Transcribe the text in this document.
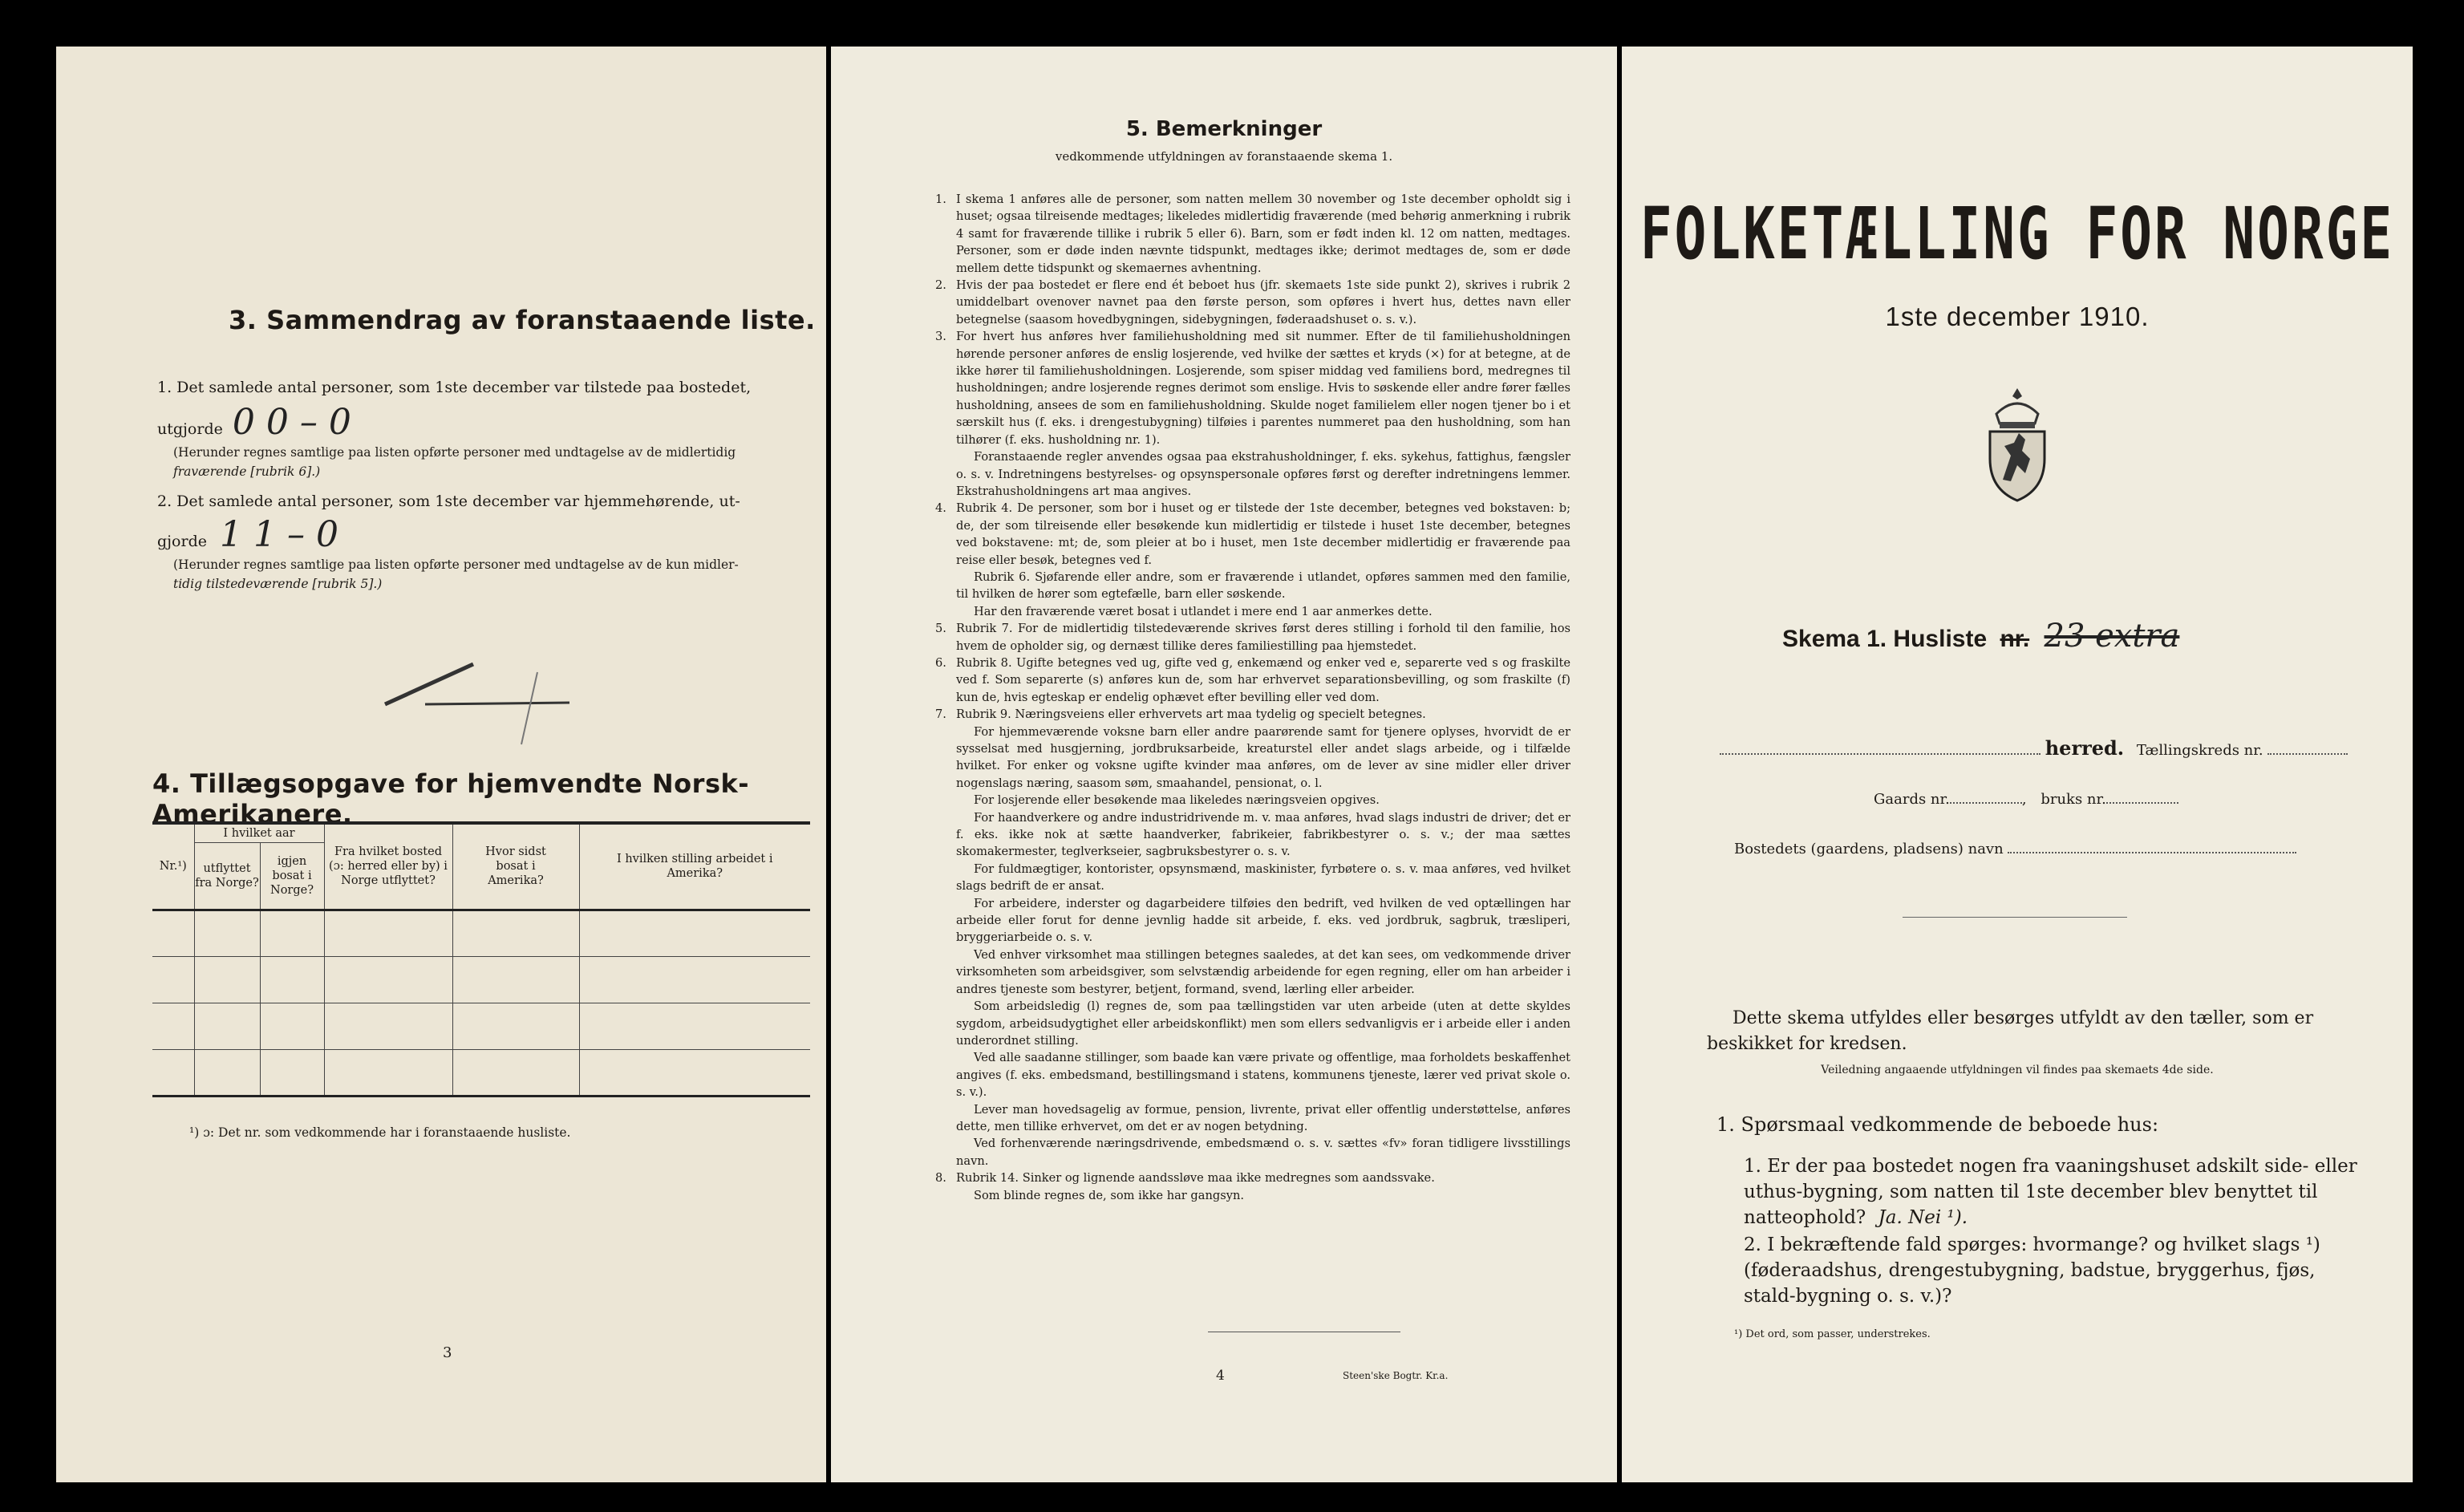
3. Sammendrag av foranstaaende liste.
1. Det samlede antal personer, som 1ste december var tilstede paa bostedet,
utgjorde 0 0 – 0
(Herunder regnes samtlige paa listen opførte personer med undtagelse av de midlertidig
fraværende [rubrik 6].)
2. Det samlede antal personer, som 1ste december var hjemmehørende, ut-
gjorde 1 1 – 0
(Herunder regnes samtlige paa listen opførte personer med undtagelse av de kun midler-
tidig tilstedeværende [rubrik 5].)
4. Tillægsopgave for hjemvendte Norsk-Amerikanere.
Nr.¹)	I hvilket aar		Fra hvilket bosted (ɔ: herred eller by) i Norge utflyttet?	Hvor sidst bosat i Amerika?	I hvilken stilling arbeidet i Amerika?
	utflyttet fra Norge?	igjen bosat i Norge?			

¹) ɔ: Det nr. som vedkommende har i foranstaaende husliste.
3
5. Bemerkninger
vedkommende utfyldningen av foranstaaende skema 1.

1. I skema 1 anføres alle de personer, som natten mellem 30 november og 1ste december opholdt sig i huset; ogsaa tilreisende medtages; likeledes midlertidig fraværende (med behørig anmerkning i rubrik 4 samt for fraværende tillike i rubrik 5 eller 6). Barn, som er født inden kl. 12 om natten, medtages. Personer, som er døde inden nævnte tidspunkt, medtages ikke; derimot medtages de, som er døde mellem dette tidspunkt og skemaernes avhentning.

2. Hvis der paa bostedet er flere end ét beboet hus (jfr. skemaets 1ste side punkt 2), skrives i rubrik 2 umiddelbart ovenover navnet paa den første person, som opføres i hvert hus, dettes navn eller betegnelse (saasom hovedbygningen, sidebygningen, føderaadshuset o. s. v.).

3. For hvert hus anføres hver familiehusholdning med sit nummer. Efter de til familiehusholdningen hørende personer anføres de enslig losjerende, ved hvilke der sættes et kryds (×) for at betegne, at de ikke hører til familiehusholdningen. Losjerende, som spiser middag ved familiens bord, medregnes til husholdningen; andre losjerende regnes derimot som enslige. Hvis to søskende eller andre fører fælles husholdning, ansees de som en familiehusholdning. Skulde noget familielem eller nogen tjener bo i et særskilt hus (f. eks. i drengestubygning) tilføies i parentes nummeret paa den husholdning, som han tilhører (f. eks. husholdning nr. 1).

Foranstaaende regler anvendes ogsaa paa ekstrahusholdninger, f. eks. sykehus, fattighus, fængsler o. s. v. Indretningens bestyrelses- og opsynspersonale opføres først og derefter indretningens lemmer. Ekstrahusholdningens art maa angives.

4. Rubrik 4. De personer, som bor i huset og er tilstede der 1ste december, betegnes ved bokstaven: b; de, der som tilreisende eller besøkende kun midlertidig er tilstede i huset 1ste december, betegnes ved bokstavene: mt; de, som pleier at bo i huset, men 1ste december midlertidig er fraværende paa reise eller besøk, betegnes ved f.

Rubrik 6. Sjøfarende eller andre, som er fraværende i utlandet, opføres sammen med den familie, til hvilken de hører som egtefælle, barn eller søskende.

Har den fraværende været bosat i utlandet i mere end 1 aar anmerkes dette.

5. Rubrik 7. For de midlertidig tilstedeværende skrives først deres stilling i forhold til den familie, hos hvem de opholder sig, og dernæst tillike deres familiestilling paa hjemstedet.

6. Rubrik 8. Ugifte betegnes ved ug, gifte ved g, enkemænd og enker ved e, separerte ved s og fraskilte ved f. Som separerte (s) anføres kun de, som har erhvervet separationsbevilling, og som fraskilte (f) kun de, hvis egteskap er endelig ophævet efter bevilling eller ved dom.

7. Rubrik 9. Næringsveiens eller erhvervets art maa tydelig og specielt betegnes.

For hjemmeværende voksne barn eller andre paarørende samt for tjenere oplyses, hvorvidt de er sysselsat med husgjerning, jordbruksarbeide, kreaturstel eller andet slags arbeide, og i tilfælde hvilket. For enker og voksne ugifte kvinder maa anføres, om de lever av sine midler eller driver nogenslags næring, saasom søm, smaahandel, pensionat, o. l.

For losjerende eller besøkende maa likeledes næringsveien opgives.

For haandverkere og andre industridrivende m. v. maa anføres, hvad slags industri de driver; det er f. eks. ikke nok at sætte haandverker, fabrikeier, fabrikbestyrer o. s. v.; der maa sættes skomakermester, teglverkseier, sagbruksbestyrer o. s. v.

For fuldmægtiger, kontorister, opsynsmænd, maskinister, fyrbøtere o. s. v. maa anføres, ved hvilket slags bedrift de er ansat.

For arbeidere, inderster og dagarbeidere tilføies den bedrift, ved hvilken de ved optællingen har arbeide eller forut for denne jevnlig hadde sit arbeide, f. eks. ved jordbruk, sagbruk, træsliperi, bryggeriarbeide o. s. v.

Ved enhver virksomhet maa stillingen betegnes saaledes, at det kan sees, om vedkommende driver virksomheten som arbeidsgiver, som selvstændig arbeidende for egen regning, eller om han arbeider i andres tjeneste som bestyrer, betjent, formand, svend, lærling eller arbeider.

Som arbeidsledig (l) regnes de, som paa tællingstiden var uten arbeide (uten at dette skyldes sygdom, arbeidsudygtighet eller arbeidskonflikt) men som ellers sedvanligvis er i arbeide eller i anden underordnet stilling.

Ved alle saadanne stillinger, som baade kan være private og offentlige, maa forholdets beskaffenhet angives (f. eks. embedsmand, bestillingsmand i statens, kommunens tjeneste, lærer ved privat skole o. s. v.).

Lever man hovedsagelig av formue, pension, livrente, privat eller offentlig understøttelse, anføres dette, men tillike erhvervet, om det er av nogen betydning.

Ved forhenværende næringsdrivende, embedsmænd o. s. v. sættes «fv» foran tidligere livsstillings navn.

8. Rubrik 14. Sinker og lignende aandssløve maa ikke medregnes som aandssvake.

Som blinde regnes de, som ikke har gangsyn.

4	Steen'ske Bogtr. Kr.a.
FOLKETÆLLING FOR NORGE
1ste december 1910.
Skema 1. Husliste nr. 23 extra
herred. Tællingskreds nr.
Gaards nr.	, bruks nr.
Bostedets (gaardens, pladsens) navn
Dette skema utfyldes eller besørges utfyldt av den tæller, som er beskikket for kredsen.
Veiledning angaaende utfyldningen vil findes paa skemaets 4de side.
1. Spørsmaal vedkommende de beboede hus:
1. Er der paa bostedet nogen fra vaaningshuset adskilt side- eller uthus-bygning, som natten til 1ste december blev benyttet til natteophold? Ja. Nei ¹).
2. I bekræftende fald spørges: hvormange? og hvilket slags ¹) (føderaadshus, drengestubygning, badstue, bryggerhus, fjøs, stald-bygning o. s. v.)?
¹) Det ord, som passer, understrekes.
